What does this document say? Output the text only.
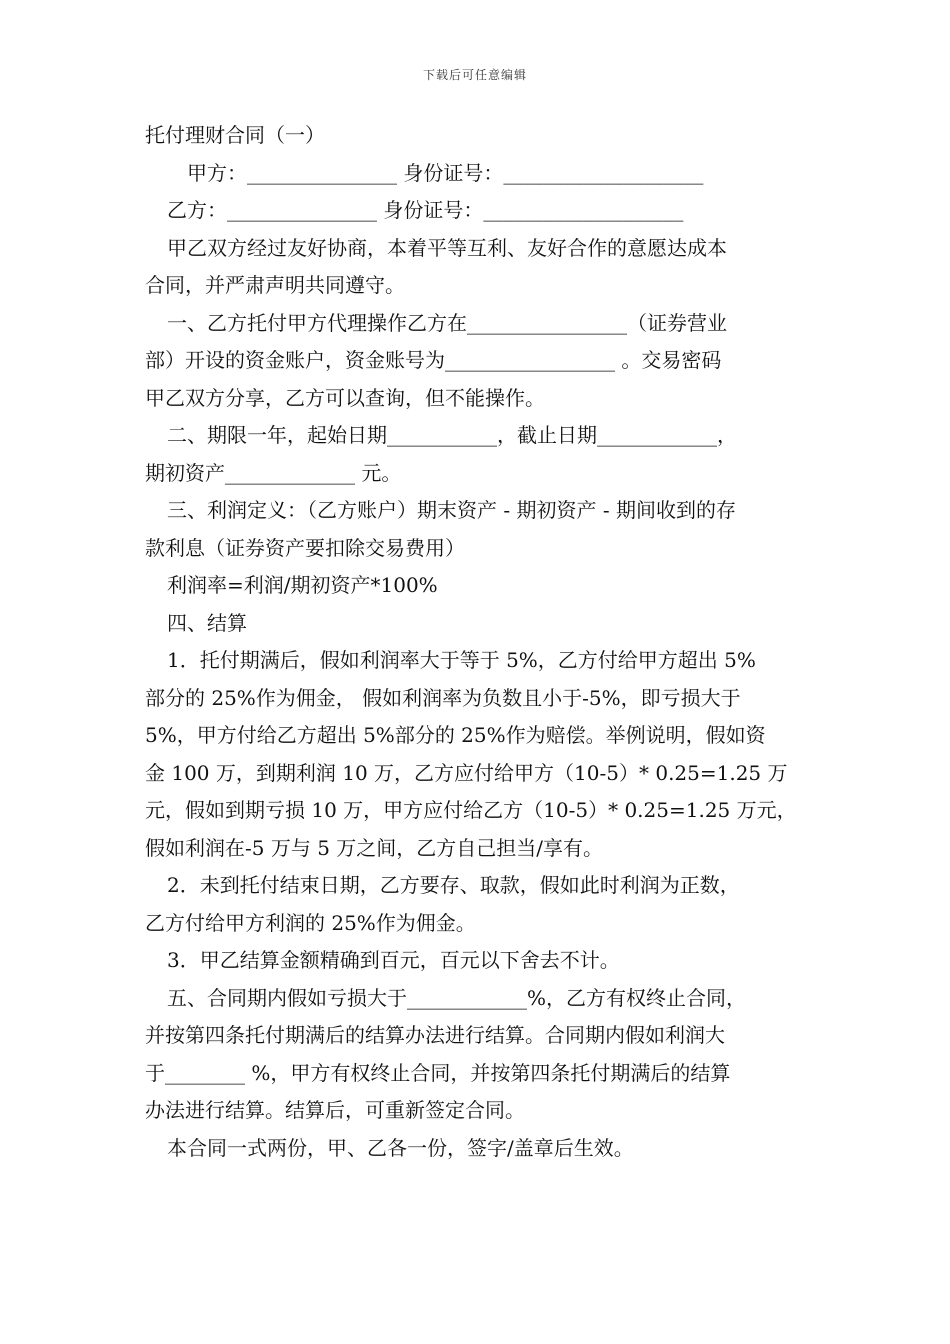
下载后可任意编辑
托付理财合同（一）
甲方：_______________ 身份证号：____________________
乙方：_______________ 身份证号：____________________
甲乙双方经过友好协商，本着平等互利、友好合作的意愿达成本
合同，并严肃声明共同遵守。
一、乙方托付甲方代理操作乙方在________________（证券营业
部）开设的资金账户，资金账号为_________________ 。交易密码
甲乙双方分享，乙方可以查询，但不能操作。
二、期限一年，起始日期___________，截止日期____________，
期初资产_____________ 元。
三、利润定义：（乙方账户）期末资产 - 期初资产 - 期间收到的存
款利息（证券资产要扣除交易费用）
利润率=利润/期初资产*100%
四、结算
1．托付期满后，假如利润率大于等于 5%，乙方付给甲方超出 5%
部分的 25%作为佣金， 假如利润率为负数且小于-5%，即亏损大于
5%，甲方付给乙方超出 5%部分的 25%作为赔偿。举例说明，假如资
金 100 万，到期利润 10 万，乙方应付给甲方（10-5）* 0.25=1.25 万
元，假如到期亏损 10 万，甲方应付给乙方（10-5）* 0.25=1.25 万元，
假如利润在-5 万与 5 万之间，乙方自己担当/享有。
2．未到托付结束日期，乙方要存、取款，假如此时利润为正数，
乙方付给甲方利润的 25%作为佣金。
3．甲乙结算金额精确到百元，百元以下舍去不计。
五、合同期内假如亏损大于____________%，乙方有权终止合同，
并按第四条托付期满后的结算办法进行结算。合同期内假如利润大
于________ %，甲方有权终止合同，并按第四条托付期满后的结算
办法进行结算。结算后，可重新签定合同。
本合同一式两份，甲、乙各一份，签字/盖章后生效。
